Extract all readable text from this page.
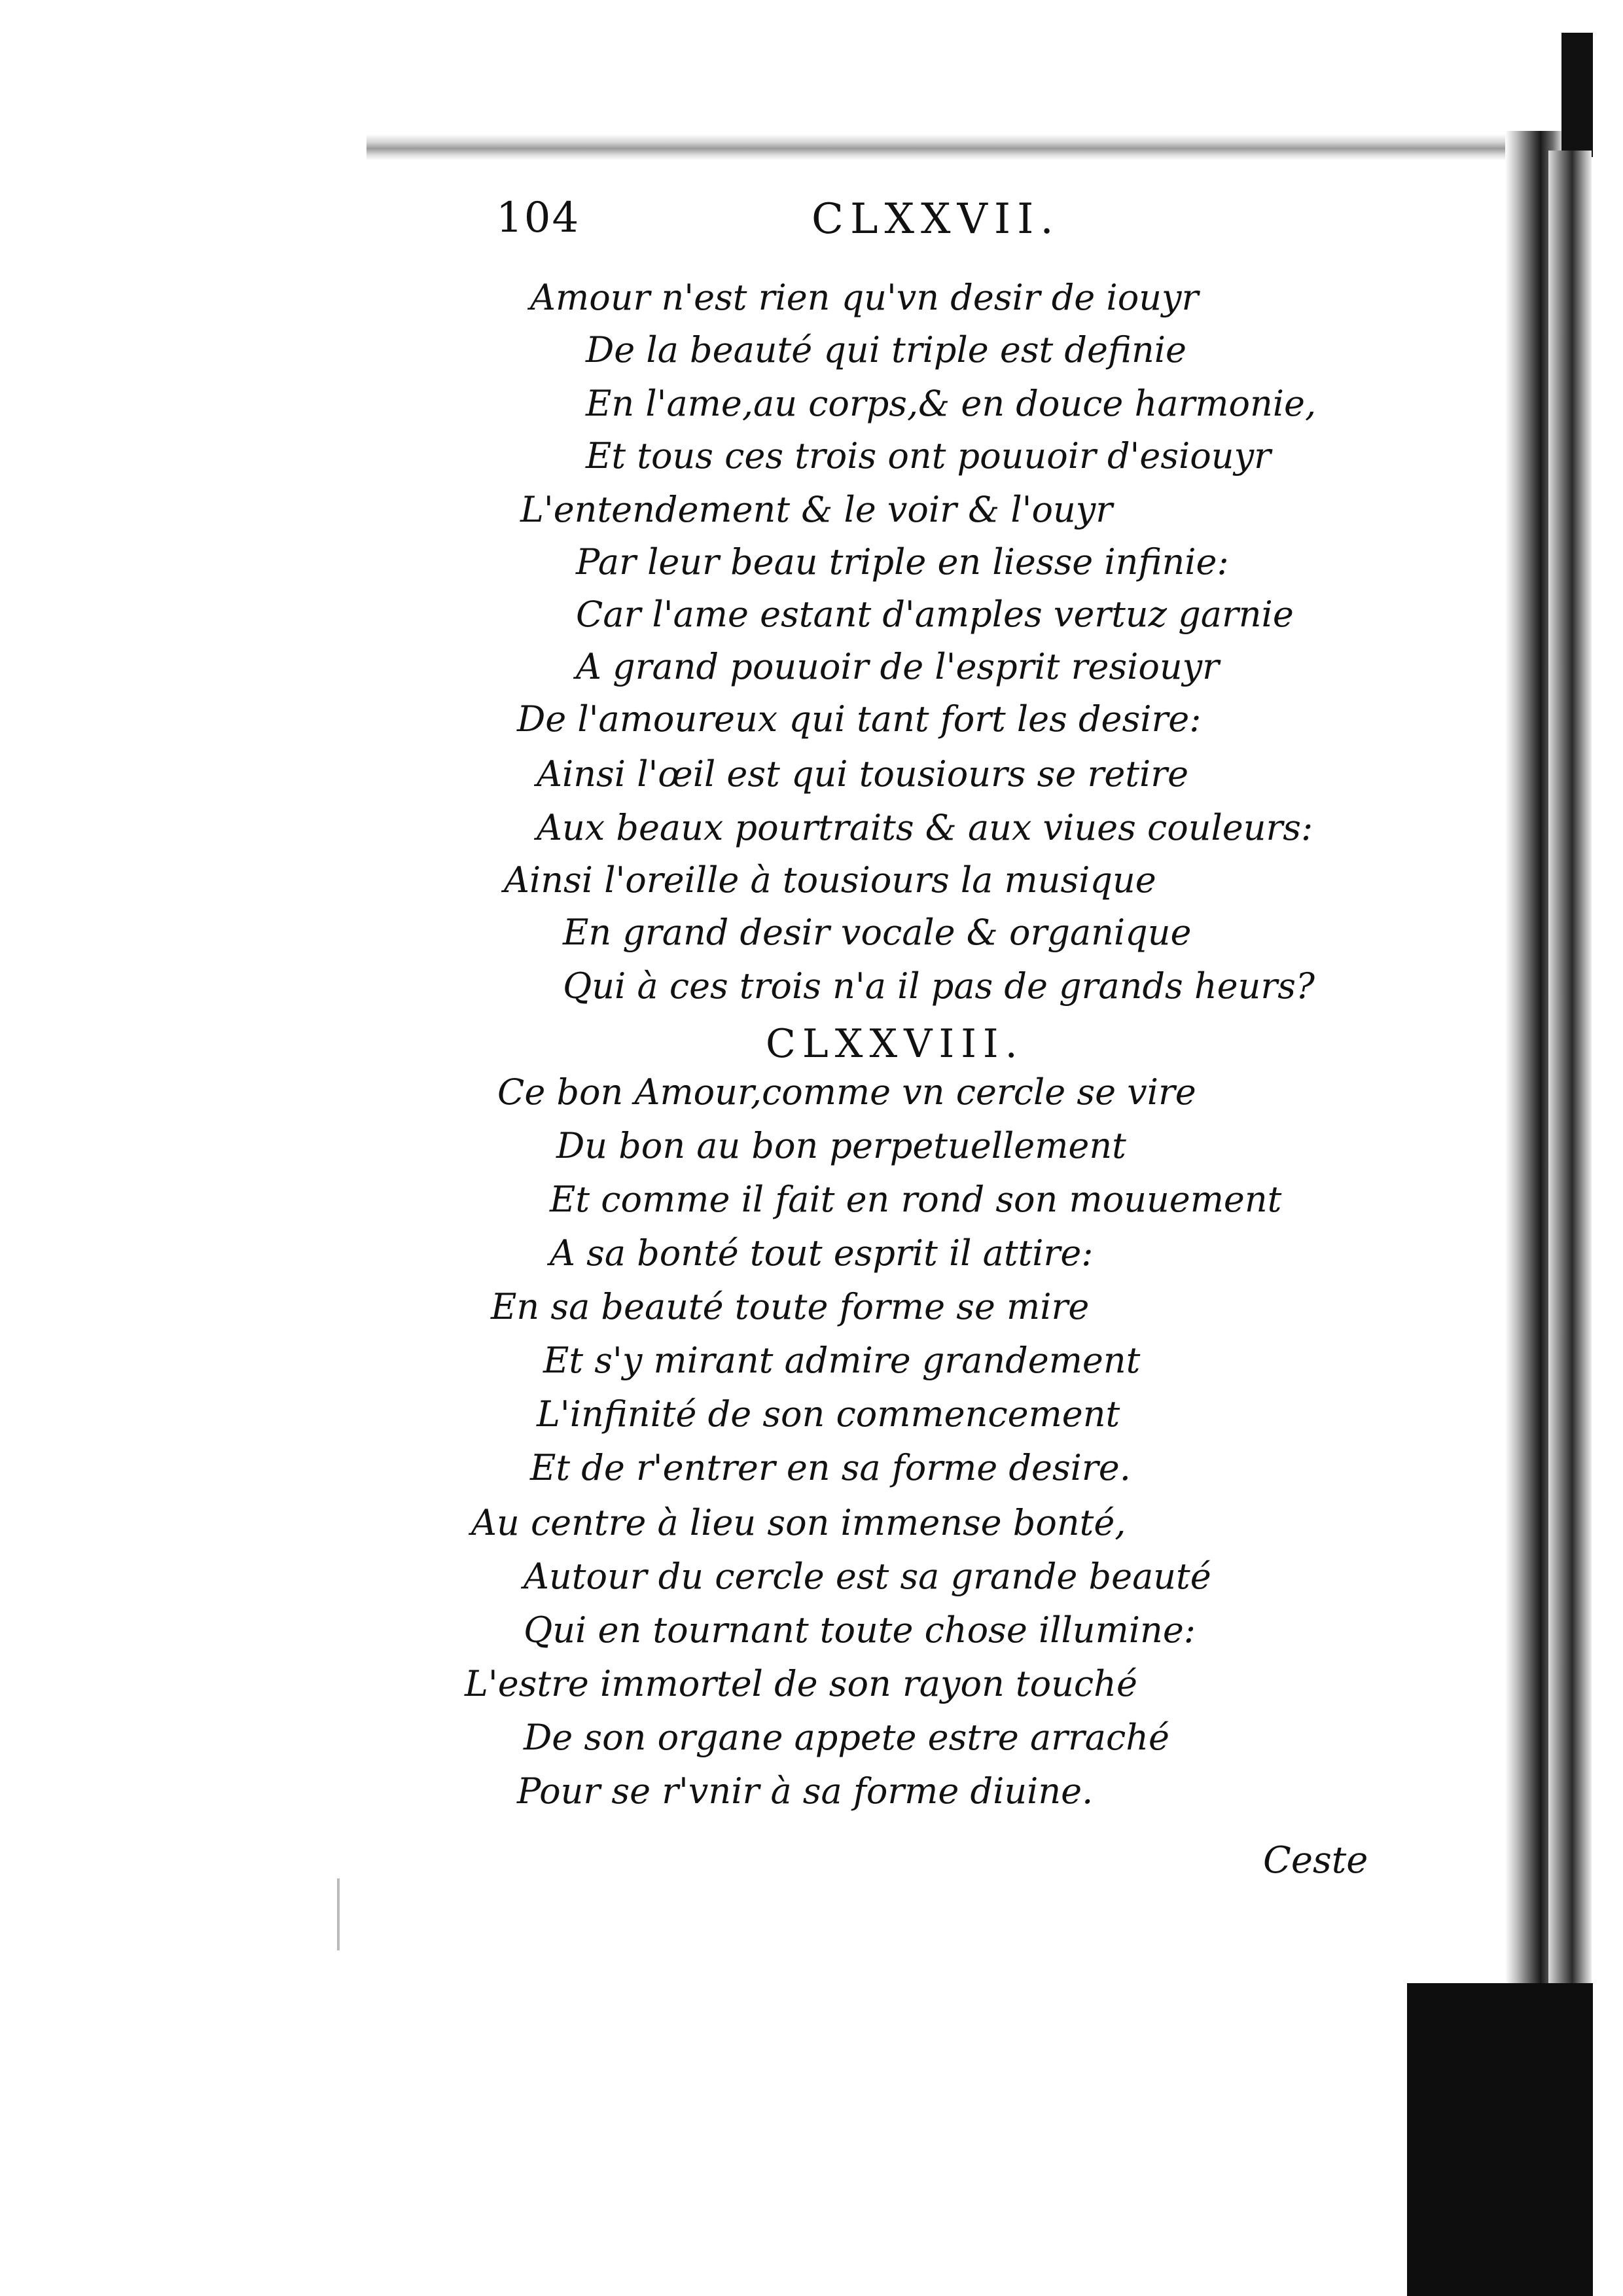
104	CLXXVII.
Amour n'est rien qu'vn desir de iouyr
De la beauté qui triple est definie
En l'ame,au corps,& en douce harmonie,
Et tous ces trois ont pouuoir d'esiouyr
L'entendement & le voir & l'ouyr
Par leur beau triple en liesse infinie:
Car l'ame estant d'amples vertuz garnie
A grand pouuoir de l'esprit resiouyr
De l'amoureux qui tant fort les desire:
Ainsi l'œil est qui tousiours se retire
Aux beaux pourtraits & aux viues couleurs:
Ainsi l'oreille à tousiours la musique
En grand desir vocale & organique
Qui à ces trois n'a il pas de grands heurs?
CLXXVIII.
Ce bon Amour,comme vn cercle se vire
Du bon au bon perpetuellement
Et comme il fait en rond son mouuement
A sa bonté tout esprit il attire:
En sa beauté toute forme se mire
Et s'y mirant admire grandement
L'infinité de son commencement
Et de r'entrer en sa forme desire.
Au centre à lieu son immense bonté,
Autour du cercle est sa grande beauté
Qui en tournant toute chose illumine:
L'estre immortel de son rayon touché
De son organe appete estre arraché
Pour se r'vnir à sa forme diuine.
Ceste
